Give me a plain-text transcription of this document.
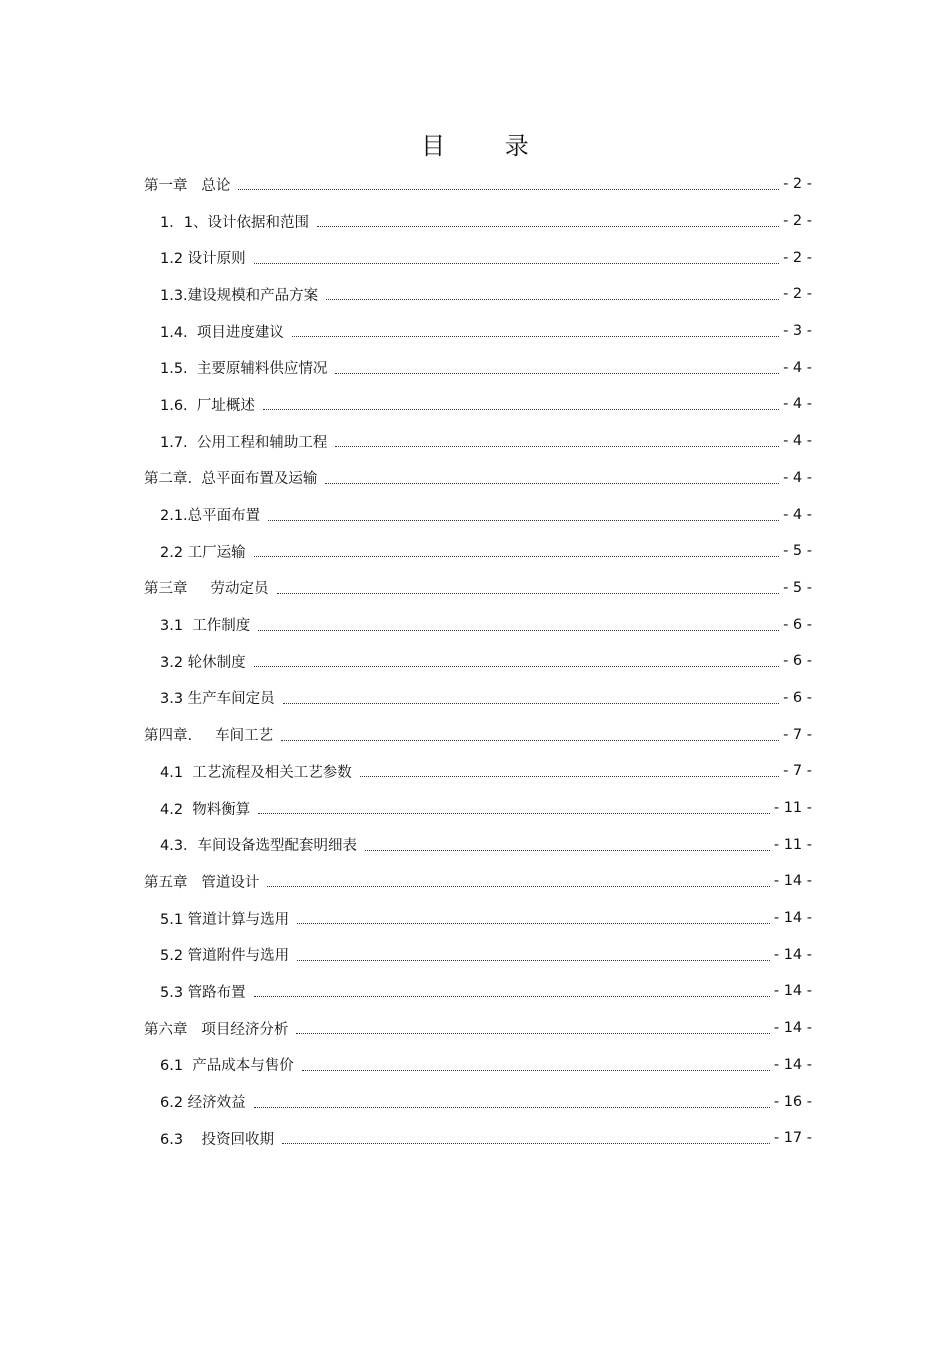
目 录
第一章   总论	- 2 -
1．1、设计依据和范围	- 2 -
1.2 设计原则	- 2 -
1.3.建设规模和产品方案	- 2 -
1.4.  项目进度建议	- 3 -
1.5.  主要原辅料供应情况	- 4 -
1.6.  厂址概述	- 4 -
1.7.  公用工程和辅助工程	- 4 -
第二章.  总平面布置及运输	- 4 -
2.1.总平面布置	- 4 -
2.2 工厂运输	- 5 -
第三章     劳动定员	- 5 -
3.1  工作制度	- 6 -
3.2 轮休制度	- 6 -
3.3 生产车间定员	- 6 -
第四章.     车间工艺	- 7 -
4.1  工艺流程及相关工艺参数	- 7 -
4.2  物料衡算	- 11 -
4.3．车间设备选型配套明细表	- 11 -
第五章   管道设计	- 14 -
5.1 管道计算与选用	- 14 -
5.2 管道附件与选用	- 14 -
5.3 管路布置	- 14 -
第六章   项目经济分析	- 14 -
6.1  产品成本与售价	- 14 -
6.2 经济效益	- 16 -
6.3    投资回收期	- 17 -
